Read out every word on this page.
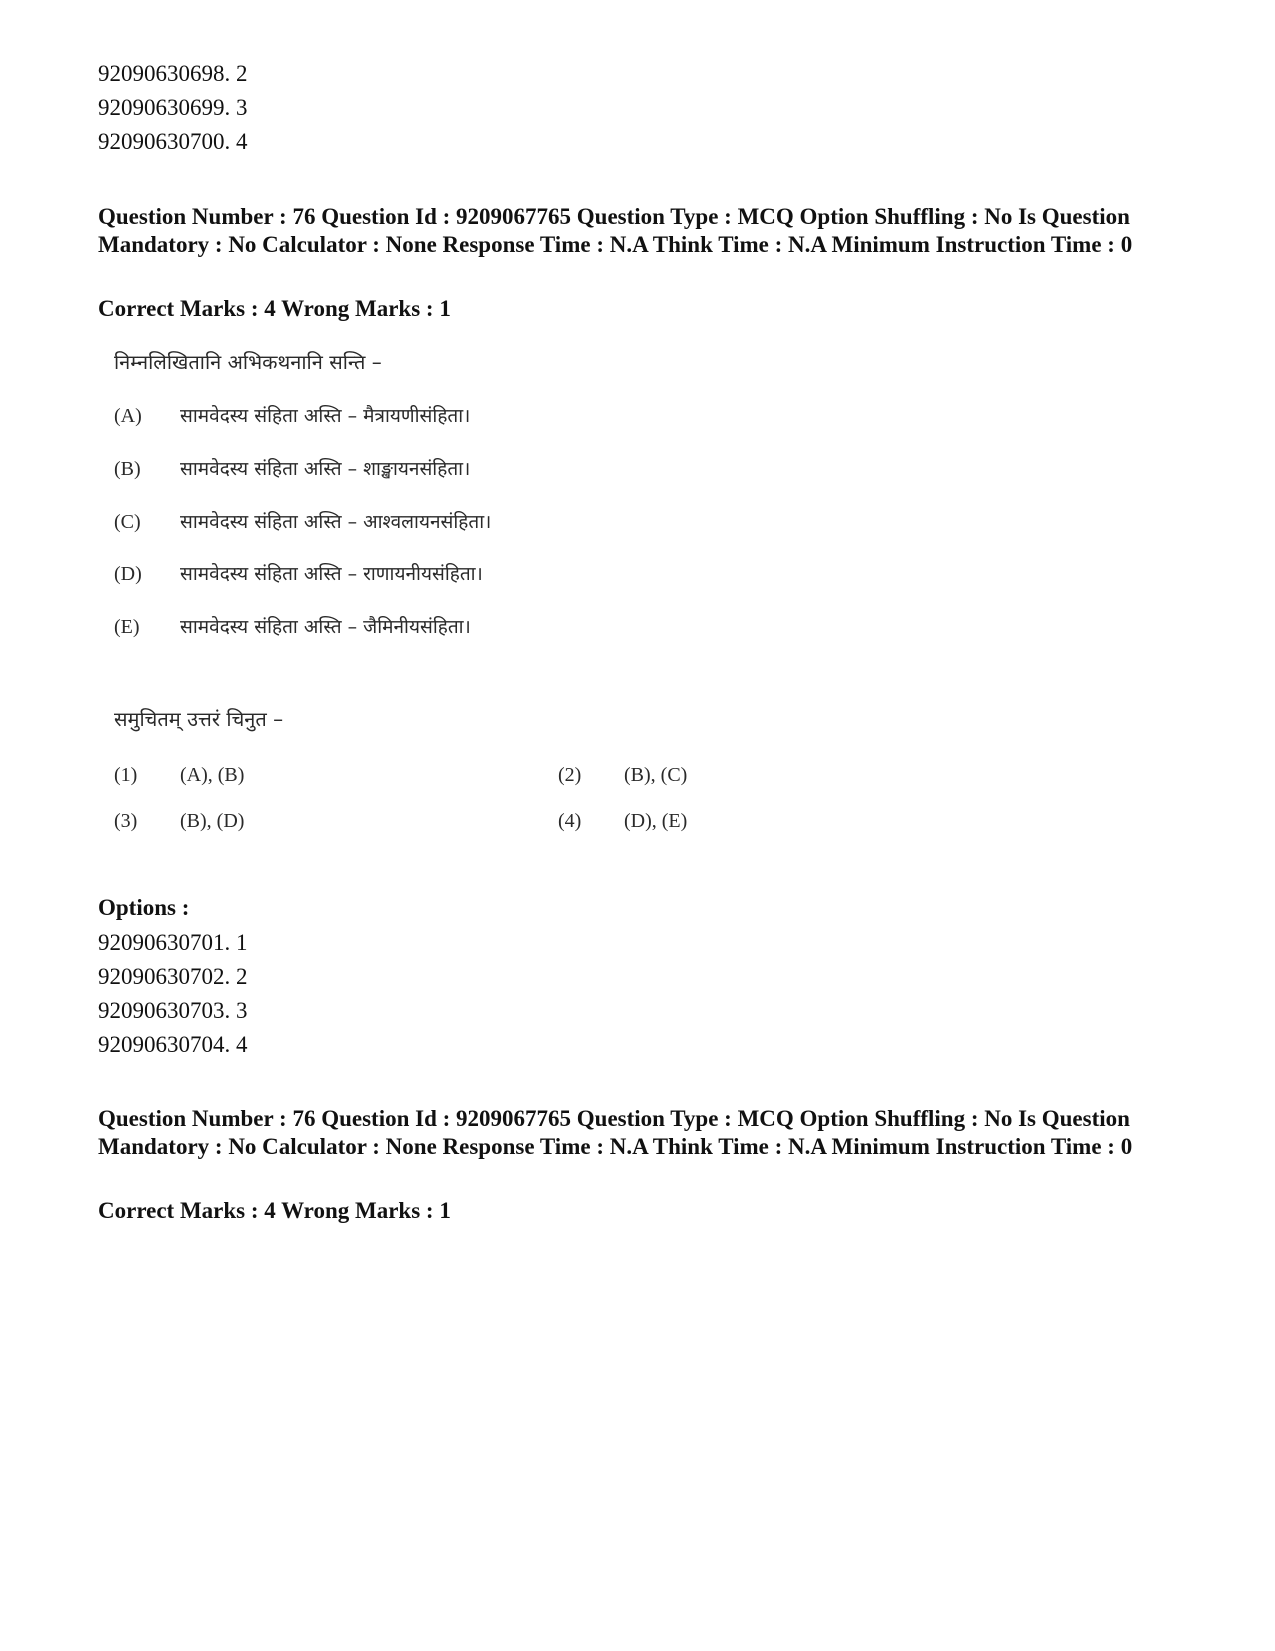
92090630698. 2
92090630699. 3
92090630700. 4
Question Number : 76 Question Id : 9209067765 Question Type : MCQ Option Shuffling : No Is Question Mandatory : No Calculator : None Response Time : N.A Think Time : N.A Minimum Instruction Time : 0
Correct Marks : 4 Wrong Marks : 1
निम्नलिखितानि अभिकथनानि सन्ति –
(A) सामवेदस्य संहिता अस्ति – मैत्रायणीसंहिता।
(B) सामवेदस्य संहिता अस्ति – शाङ्खायनसंहिता।
(C) सामवेदस्य संहिता अस्ति – आश्वलायनसंहिता।
(D) सामवेदस्य संहिता अस्ति – राणायनीयसंहिता।
(E) सामवेदस्य संहिता अस्ति – जैमिनीयसंहिता।
समुचितम् उत्तरं चिनुत –
(1) (A), (B)	(2) (B), (C)
(3) (B), (D)	(4) (D), (E)
Options :
92090630701. 1
92090630702. 2
92090630703. 3
92090630704. 4
Question Number : 76 Question Id : 9209067765 Question Type : MCQ Option Shuffling : No Is Question Mandatory : No Calculator : None Response Time : N.A Think Time : N.A Minimum Instruction Time : 0
Correct Marks : 4 Wrong Marks : 1
